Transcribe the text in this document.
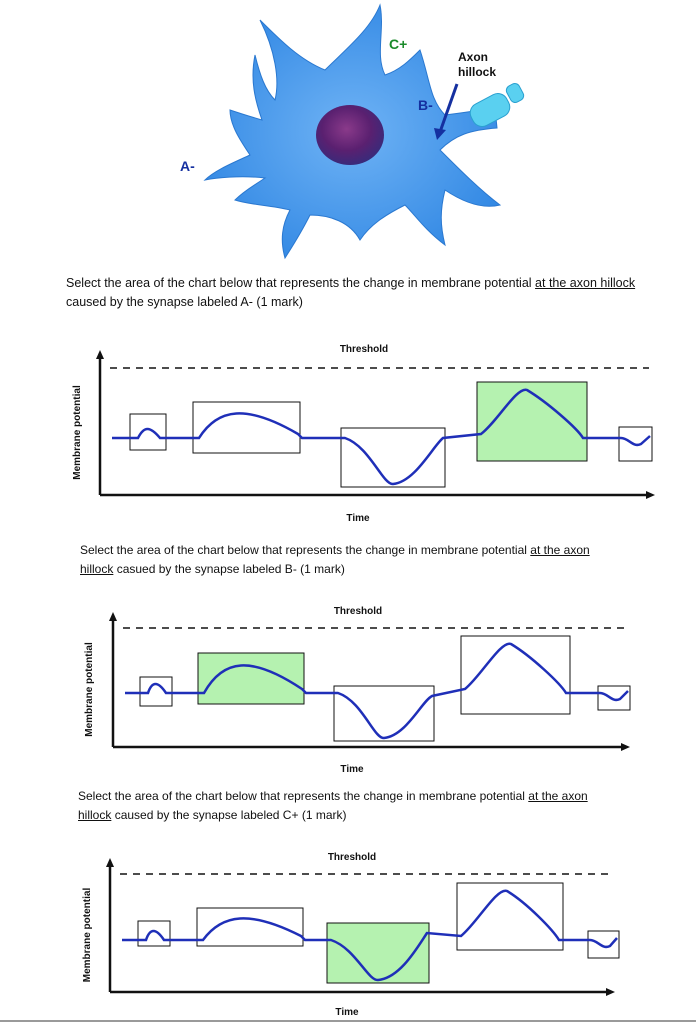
C+
B-
A-
Axon
hillock
Select the area of the chart below that represents the change in membrane potential at the axon hillock caused by the synapse labeled A- (1 mark)
Threshold
Membrane potential
Time
Select the area of the chart below that represents the change in membrane potential at the axon hillock casued by the synapse labeled B- (1 mark)
Select the area of the chart below that represents the change in membrane potential at the axon hillock caused by the synapse labeled C+ (1 mark)
Threshold
Membrane potential
Time
Threshold
Membrane potential
Time
